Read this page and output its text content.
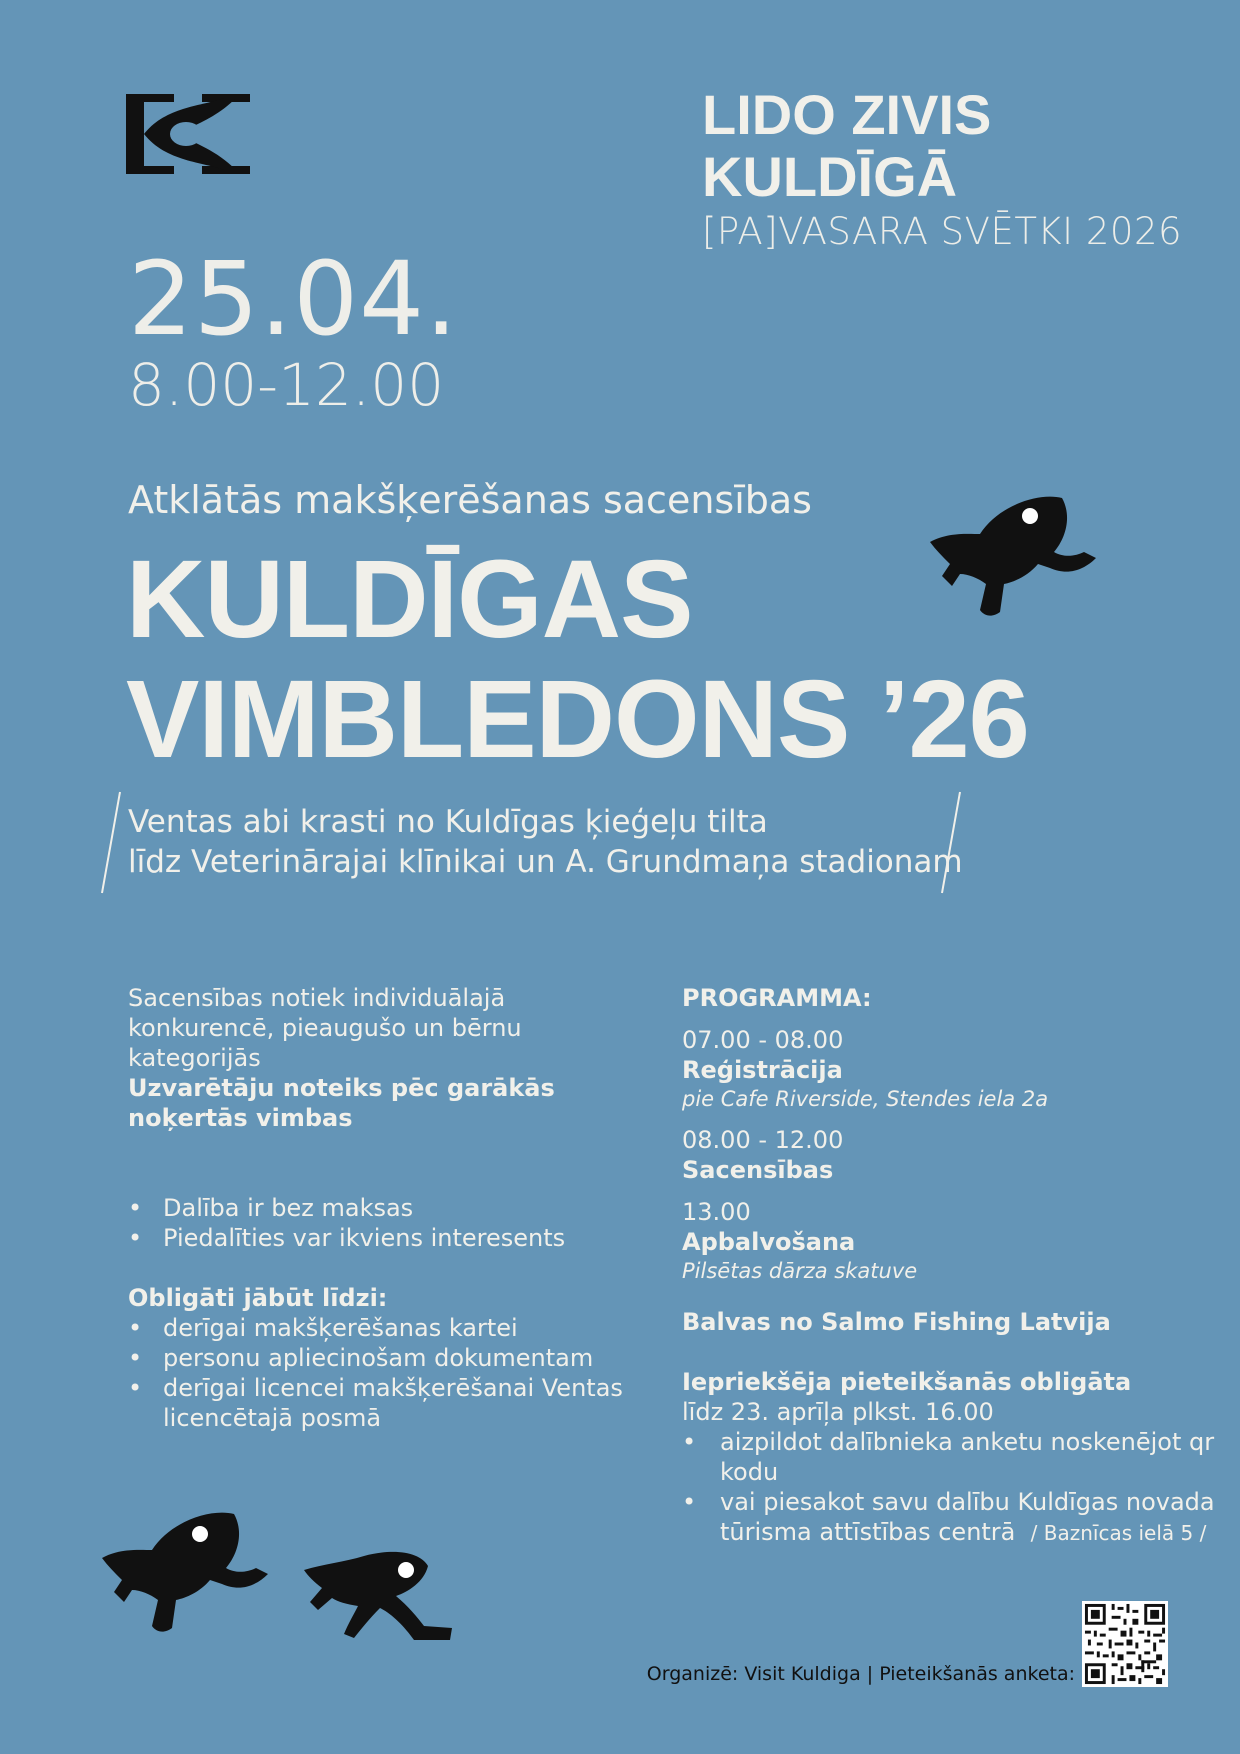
LIDO ZIVIS
KULDĪGĀ
[PA]VASARA SVĒTKI 2026
25.04.
8.00-12.00
Atklātās makšķerēšanas sacensības
KULDĪGAS
VIMBLEDONS ’26
Ventas abi krasti no Kuldīgas ķieģeļu tilta
līdz Veterinārajai klīnikai un A. Grundmaņa stadionam

Sacensības notiek individuālajā konkurencē, pieaugušo un bērnu kategorijās

Uzvarētāju noteiks pēc garākās noķertās vimbas

• Dalība ir bez maksas
• Piedalīties var ikviens interesents

Obligāti jābūt līdzi:

• derīgai makšķerēšanas kartei
• personu apliecinošam dokumentam
• derīgai licencei makšķerēšanai Ventas licencētajā posmā

PROGRAMMA:

07.00 - 08.00

Reģistrācija

pie Cafe Riverside, Stendes iela 2a

08.00 - 12.00

Sacensības

13.00

Apbalvošana

Pilsētas dārza skatuve

Balvas no Salmo Fishing Latvija

Iepriekšēja pieteikšanās obligāta

līdz 23. aprīļa plkst. 16.00

• aizpildot dalībnieka anketu noskenējot qr kodu
• vai piesakot savu dalību Kuldīgas novada tūrisma attīstības centrā / Baznīcas ielā 5 /
Organizē: Visit Kuldiga | Pieteikšanās anketa:
